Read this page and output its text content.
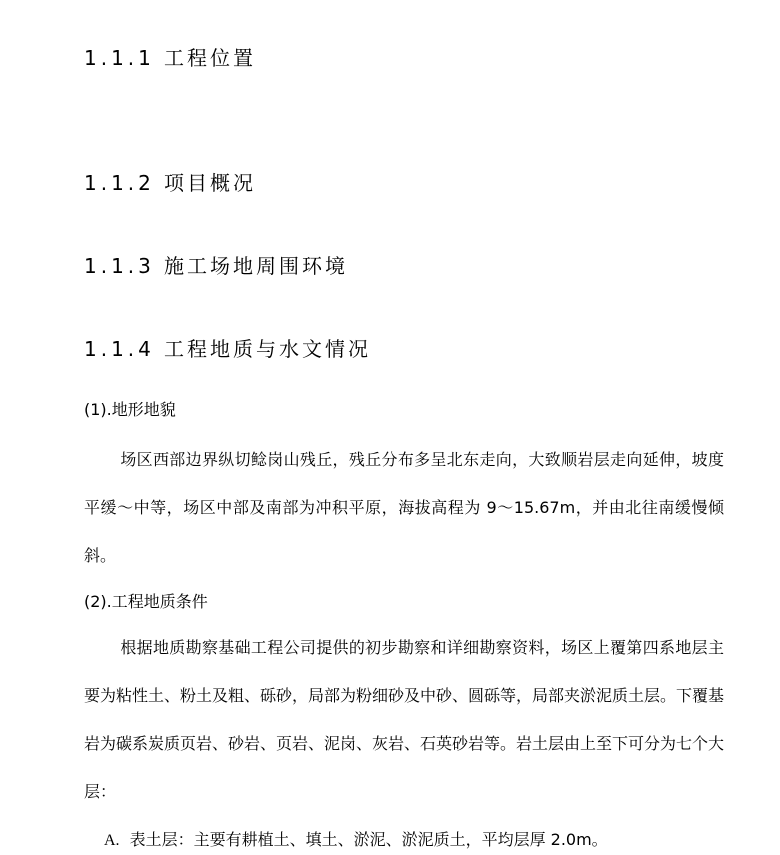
1.1.1 工程位置
1.1.2 项目概况
1.1.3 施工场地周围环境
1.1.4 工程地质与水文情况
(1).地形地貌
场区西部边界纵切鲶岗山残丘，残丘分布多呈北东走向，大致顺岩层走向延伸，坡度平缓～中等，场区中部及南部为冲积平原，海拔高程为 9～15.67m，并由北往南缓慢倾斜。
(2).工程地质条件
根据地质勘察基础工程公司提供的初步勘察和详细勘察资料，场区上覆第四系地层主要为粘性土、粉土及粗、砾砂，局部为粉细砂及中砂、圆砾等，局部夹淤泥质土层。下覆基岩为碳系炭质页岩、砂岩、页岩、泥岗、灰岩、石英砂岩等。岩土层由上至下可分为七个大层：
A. 表土层：主要有耕植土、填土、淤泥、淤泥质土，平均层厚 2.0m。
